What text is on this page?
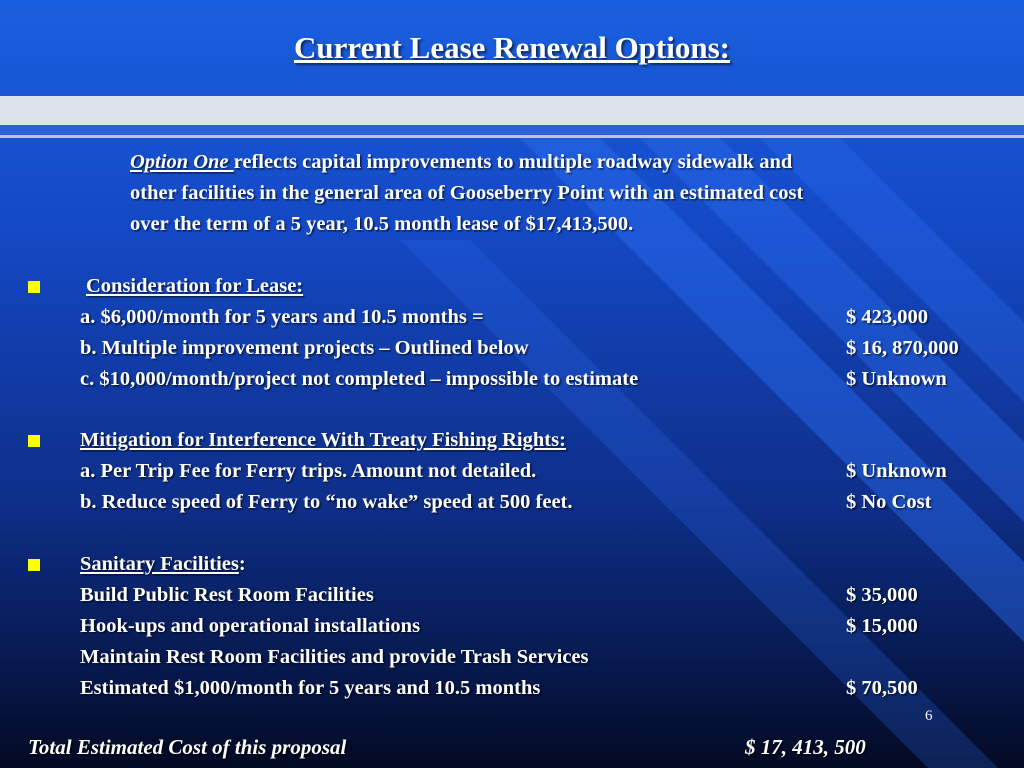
Current Lease Renewal Options:
Option One reflects capital improvements to multiple roadway sidewalk and
other facilities in the general area of Gooseberry Point with an estimated cost
over the term of a 5 year, 10.5 month lease of $17,413,500.
Consideration for Lease:
a. $6,000/month for 5 years and 10.5 months =	$ 423,000
b. Multiple improvement projects – Outlined below	$ 16, 870,000
c. $10,000/month/project not completed – impossible to estimate	$ Unknown
Mitigation for Interference With Treaty Fishing Rights:
a. Per Trip Fee for Ferry trips. Amount not detailed.	$ Unknown
b. Reduce speed of Ferry to “no wake” speed at 500 feet.	$ No Cost
Sanitary Facilities:
Build Public Rest Room Facilities	$ 35,000
Hook-ups and operational installations	$ 15,000
Maintain Rest Room Facilities and provide Trash Services
Estimated $1,000/month for 5 years and 10.5 months	$ 70,500
6
Total Estimated Cost of this proposal	$ 17, 413, 500
